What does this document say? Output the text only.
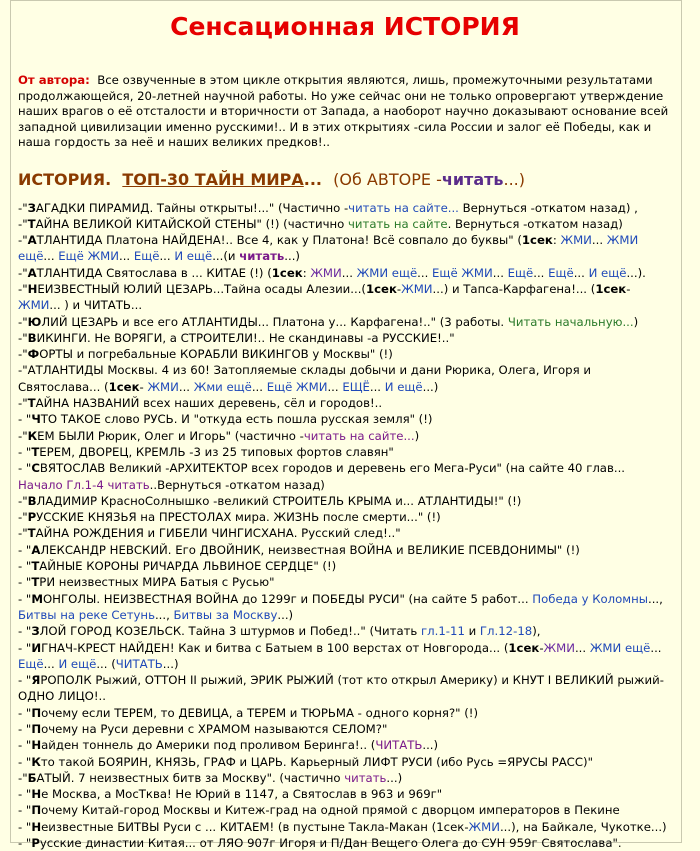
Сенсационная ИСТОРИЯ

От автора: Все озвученные в этом цикле открытия являются, лишь, промежуточными результатами продолжающейся, 20-летней научной работы. Но уже сейчас они не только опровергают утверждение наших врагов о её отсталости и вторичности от Запада, а наоборот научно доказывают основание всей западной цивилизации именно русскими!.. И в этих открытиях -сила России и залог её Победы, как и наша гордость за неё и наших великих предков!..

ИСТОРИЯ. ТОП-30 ТАЙН МИРА... (Об АВТОРЕ -читать...)
-"ЗАГАДКИ ПИРАМИД. Тайны открыты!..." (Частично -читать на сайте... Вернуться -откатом назад) ,
-"ТАЙНА ВЕЛИКОЙ КИТАЙСКОЙ СТЕНЫ" (!) (частично читать на сайте. Вернуться -откатом назад)
-"АТЛАНТИДА Платона НАЙДЕНА!.. Все 4, как у Платона! Всё совпало до буквы" (1сек: ЖМИ... ЖМИ ещё... Ещё ЖМИ... Ещё... И ещё...(и читать...)
-"АТЛАНТИДА Святослава в ... КИТАЕ (!) (1сек: ЖМИ... ЖМИ ещё... Ещё ЖМИ... Ещё... Ещё... И ещё...).
-"НЕИЗВЕСТНЫЙ ЮЛИЙ ЦЕЗАРЬ...Тайна осады Алезии...(1сек-ЖМИ...) и Тапса-Карфагена!... (1сек-ЖМИ... ) и ЧИТАТЬ...
-"ЮЛИЙ ЦЕЗАРЬ и все его АТЛАНТИДЫ... Платона у... Карфагена!.." (3 работы. Читать начальную...)
-"ВИКИНГИ. Не ВОРЯГИ, а СТРОИТЕЛИ!.. Не скандинавы -а РУССКИЕ!.."
-"ФОРТЫ и погребальные КОРАБЛИ ВИКИНГОВ у Москвы" (!)
-"АТЛАНТИДЫ Москвы. 4 из 60! Затопляемые склады добычи и дани Рюрика, Олега, Игоря и Святослава... (1сек- ЖМИ... Жми ещё... Ещё ЖМИ... ЕЩЁ... И ещё...)
-"ТАЙНА НАЗВАНИЙ всех наших деревень, сёл и городов!..
- "ЧТО ТАКОЕ слово РУСЬ. И "откуда есть пошла русская земля" (!)
-"КЕМ БЫЛИ Рюрик, Олег и Игорь" (частично -читать на сайте...)
- "ТЕРЕМ, ДВОРЕЦ, КРЕМЛЬ -3 из 25 типовых фортов славян"
- "СВЯТОСЛАВ Великий -АРХИТЕКТОР всех городов и деревень его Мега-Руси" (на сайте 40 глав... Начало Гл.1-4 читать..Вернуться -откатом назад)
-"ВЛАДИМИР КрасноСолнышко -великий СТРОИТЕЛЬ КРЫМА и... АТЛАНТИДЫ!" (!)
-"РУССКИЕ КНЯЗЬЯ на ПРЕСТОЛАХ мира. ЖИЗНЬ после смерти..." (!)
-"ТАЙНА РОЖДЕНИЯ и ГИБЕЛИ ЧИНГИСХАНА. Русский след!.."
- "АЛЕКСАНДР НЕВСКИЙ. Его ДВОЙНИК, неизвестная ВОЙНА и ВЕЛИКИЕ ПСЕВДОНИМЫ" (!)
- "ТАЙНЫЕ КОРОНЫ РИЧАРДА ЛЬВИНОЕ СЕРДЦЕ" (!)
- "ТРИ неизвестных МИРА Батыя с Русью"
- "МОНГОЛЫ. НЕИЗВЕСТНАЯ ВОЙНА до 1299г и ПОБЕДЫ РУСИ" (на сайте 5 работ... Победа у Коломны..., Битвы на реке Сетунь..., Битвы за Москву...)
- "ЗЛОЙ ГОРОД КОЗЕЛЬСК. Тайна 3 штурмов и Побед!.." (Читать гл.1-11 и Гл.12-18),
- "ИГНАЧ-КРЕСТ НАЙДЕН! Как и битва с Батыем в 100 верстах от Новгорода... (1сек-ЖМИ... ЖМИ ещё... Ещё... И ещё... (ЧИТАТЬ...)
- "ЯРОПОЛК Рыжий, ОТТОН II рыжий, ЭРИК РЫЖИЙ (тот кто открыл Америку) и КНУТ I ВЕЛИКИЙ рыжий- ОДНО ЛИЦО!..
- "Почему если ТЕРЕМ, то ДЕВИЦА, а ТЕРЕМ и ТЮРЬМА - одного корня?" (!)
- "Почему на Руси деревни с ХРАМОМ называются СЕЛОМ?"
- "Найден тоннель до Америки под проливом Беринга!.. (ЧИТАТЬ...)
- "Кто такой БОЯРИН, КНЯЗЬ, ГРАФ и ЦАРЬ. Карьерный ЛИФТ РУСИ (ибо Русь =ЯРУСЫ РАСС)"
-"БАТЫЙ. 7 неизвестных битв за Москву". (частично читать...)
- "Не Москва, а МосТква! Не Юрий в 1147, а Святослав в 963 и 969г"
- "Почему Китай-город Москвы и Китеж-град на одной прямой с дворцом императоров в Пекине
- "Неизвестные БИТВЫ Руси с ... КИТАЕМ! (в пустыне Такла-Макан (1сек-ЖМИ...), на Байкале, Чукотке...)
- "Русские династии Китая... от ЛЯО 907г Игоря и П/Дан Вещего Олега до СУН 959г Святослава".
